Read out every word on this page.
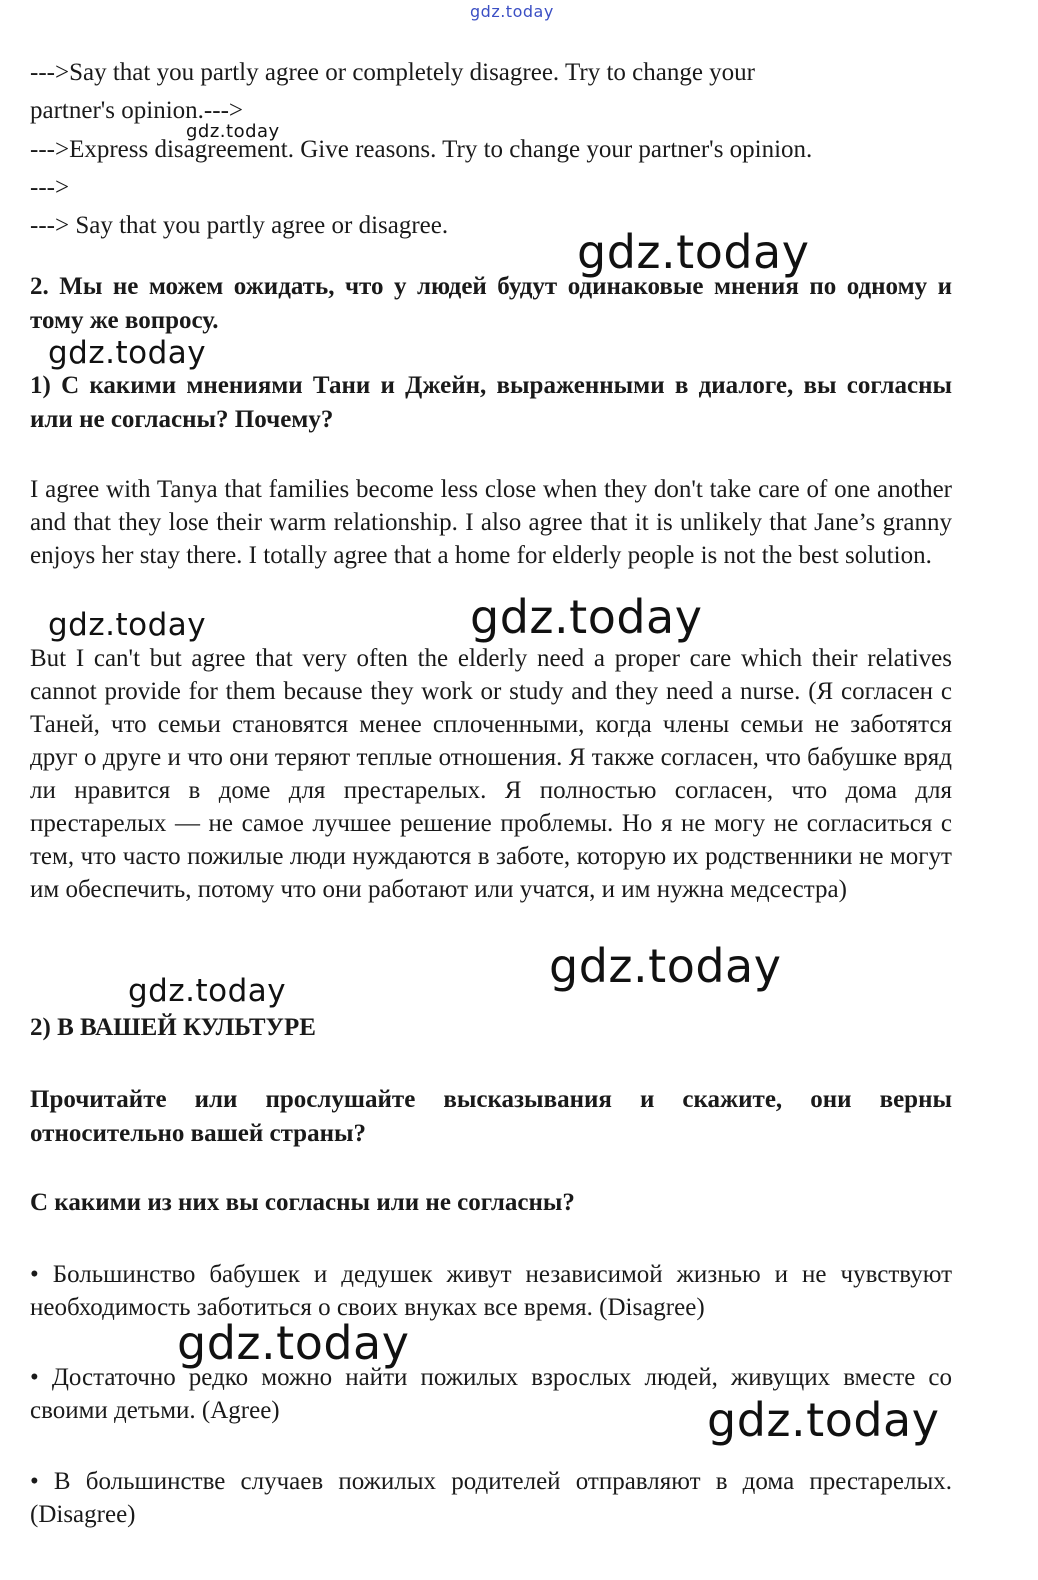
gdz.today
--->Say that you partly agree or completely disagree. Try to change your
partner's opinion.--->
--->Express disagreement. Give reasons. Try to change your partner's opinion.
--->
---> Say that you partly agree or disagree.
2. Мы не можем ожидать, что у людей будут одинаковые мнения по одному и тому же вопросу.
1) С какими мнениями Тани и Джейн, выраженными в диалоге, вы согласны или не согласны? Почему?
I agree with Tanya that families become less close when they don't take care of one another and that they lose their warm relationship. I also agree that it is unlikely that Jane’s granny enjoys her stay there. I totally agree that a home for elderly people is not the best solution.
But I can't but agree that very often the elderly need a proper care which their relatives cannot provide for them because they work or study and they need a nurse. (Я согласен с Таней, что семьи становятся менее сплоченными, когда члены семьи не заботятся друг о друге и что они теряют теплые отношения. Я также согласен, что бабушке вряд ли нравится в доме для престарелых. Я полностью согласен, что дома для престарелых — не самое лучшее решение проблемы. Но я не могу не согласиться с тем, что часто пожилые люди нуждаются в заботе, которую их родственники не могут им обеспечить, потому что они работают или учатся, и им нужна медсестра)
2) В ВАШЕЙ КУЛЬТУРЕ
Прочитайте или прослушайте высказывания и скажите, они верны относительно вашей страны?
С какими из них вы согласны или не согласны?
• Большинство бабушек и дедушек живут независимой жизнью и не чувствуют необходимость заботиться о своих внуках все время. (Disagree)
• Достаточно редко можно найти пожилых взрослых людей, живущих вместе со своими детьми. (Agree)
• В большинстве случаев пожилых родителей отправляют в дома престарелых. (Disagree)
gdz.today
gdz.today
gdz.today
gdz.today
gdz.today
gdz.today
gdz.today
gdz.today
gdz.today
